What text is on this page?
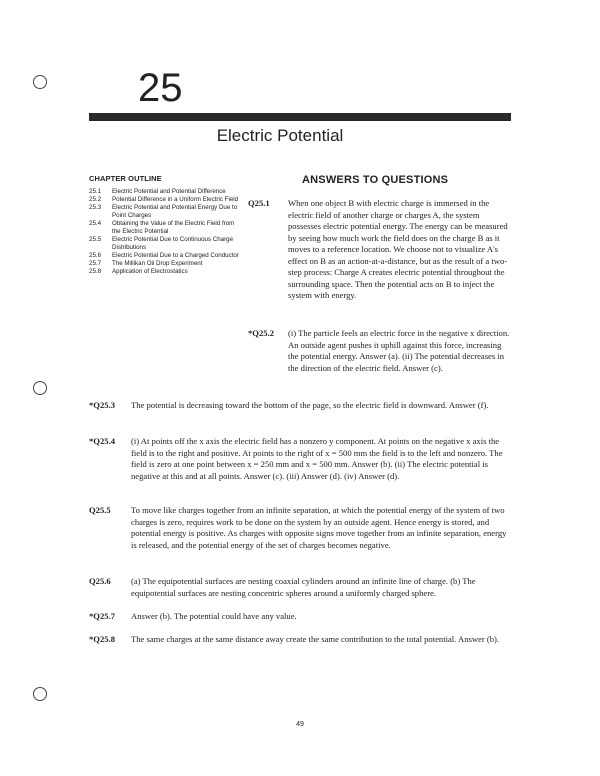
25
Electric Potential
CHAPTER OUTLINE
25.1	Electric Potential and Potential Difference
25.2	Potential Difference in a Uniform Electric Field
25.3	Electric Potential and Potential Energy Due to Point Charges
25.4	Obtaining the Value of the Electric Field from the Electric Potential
25.5	Electric Potential Due to Continuous Charge Distributions
25.6	Electric Potential Due to a Charged Conductor
25.7	The Millikan Oil Drop Experiment
25.8	Application of Electrostatics
ANSWERS TO QUESTIONS
Q25.1	When one object B with electric charge is immersed in the electric field of another charge or charges A, the system possesses electric potential energy. The energy can be measured by seeing how much work the field does on the charge B as it moves to a reference location. We choose not to visualize A's effect on B as an action-at-a-distance, but as the result of a two-step process: Charge A creates electric potential throughout the surrounding space. Then the potential acts on B to inject the system with energy.
*Q25.2	(i) The particle feels an electric force in the negative x direction. An outside agent pushes it uphill against this force, increasing the potential energy. Answer (a). (ii) The potential decreases in the direction of the electric field. Answer (c).
*Q25.3	The potential is decreasing toward the bottom of the page, so the electric field is downward. Answer (f).
*Q25.4	(i) At points off the x axis the electric field has a nonzero y component. At points on the negative x axis the field is to the right and positive. At points to the right of x = 500 mm the field is to the left and nonzero. The field is zero at one point between x = 250 mm and x = 500 mm. Answer (b). (ii) The electric potential is negative at this and at all points. Answer (c). (iii) Answer (d). (iv) Answer (d).
Q25.5	To move like charges together from an infinite separation, at which the potential energy of the system of two charges is zero, requires work to be done on the system by an outside agent. Hence energy is stored, and potential energy is positive. As charges with opposite signs move together from an infinite separation, energy is released, and the potential energy of the set of charges becomes negative.
Q25.6	(a) The equipotential surfaces are nesting coaxial cylinders around an infinite line of charge. (b) The equipotential surfaces are nesting concentric spheres around a uniformly charged sphere.
*Q25.7	Answer (b). The potential could have any value.
*Q25.8	The same charges at the same distance away create the same contribution to the total potential. Answer (b).
49
